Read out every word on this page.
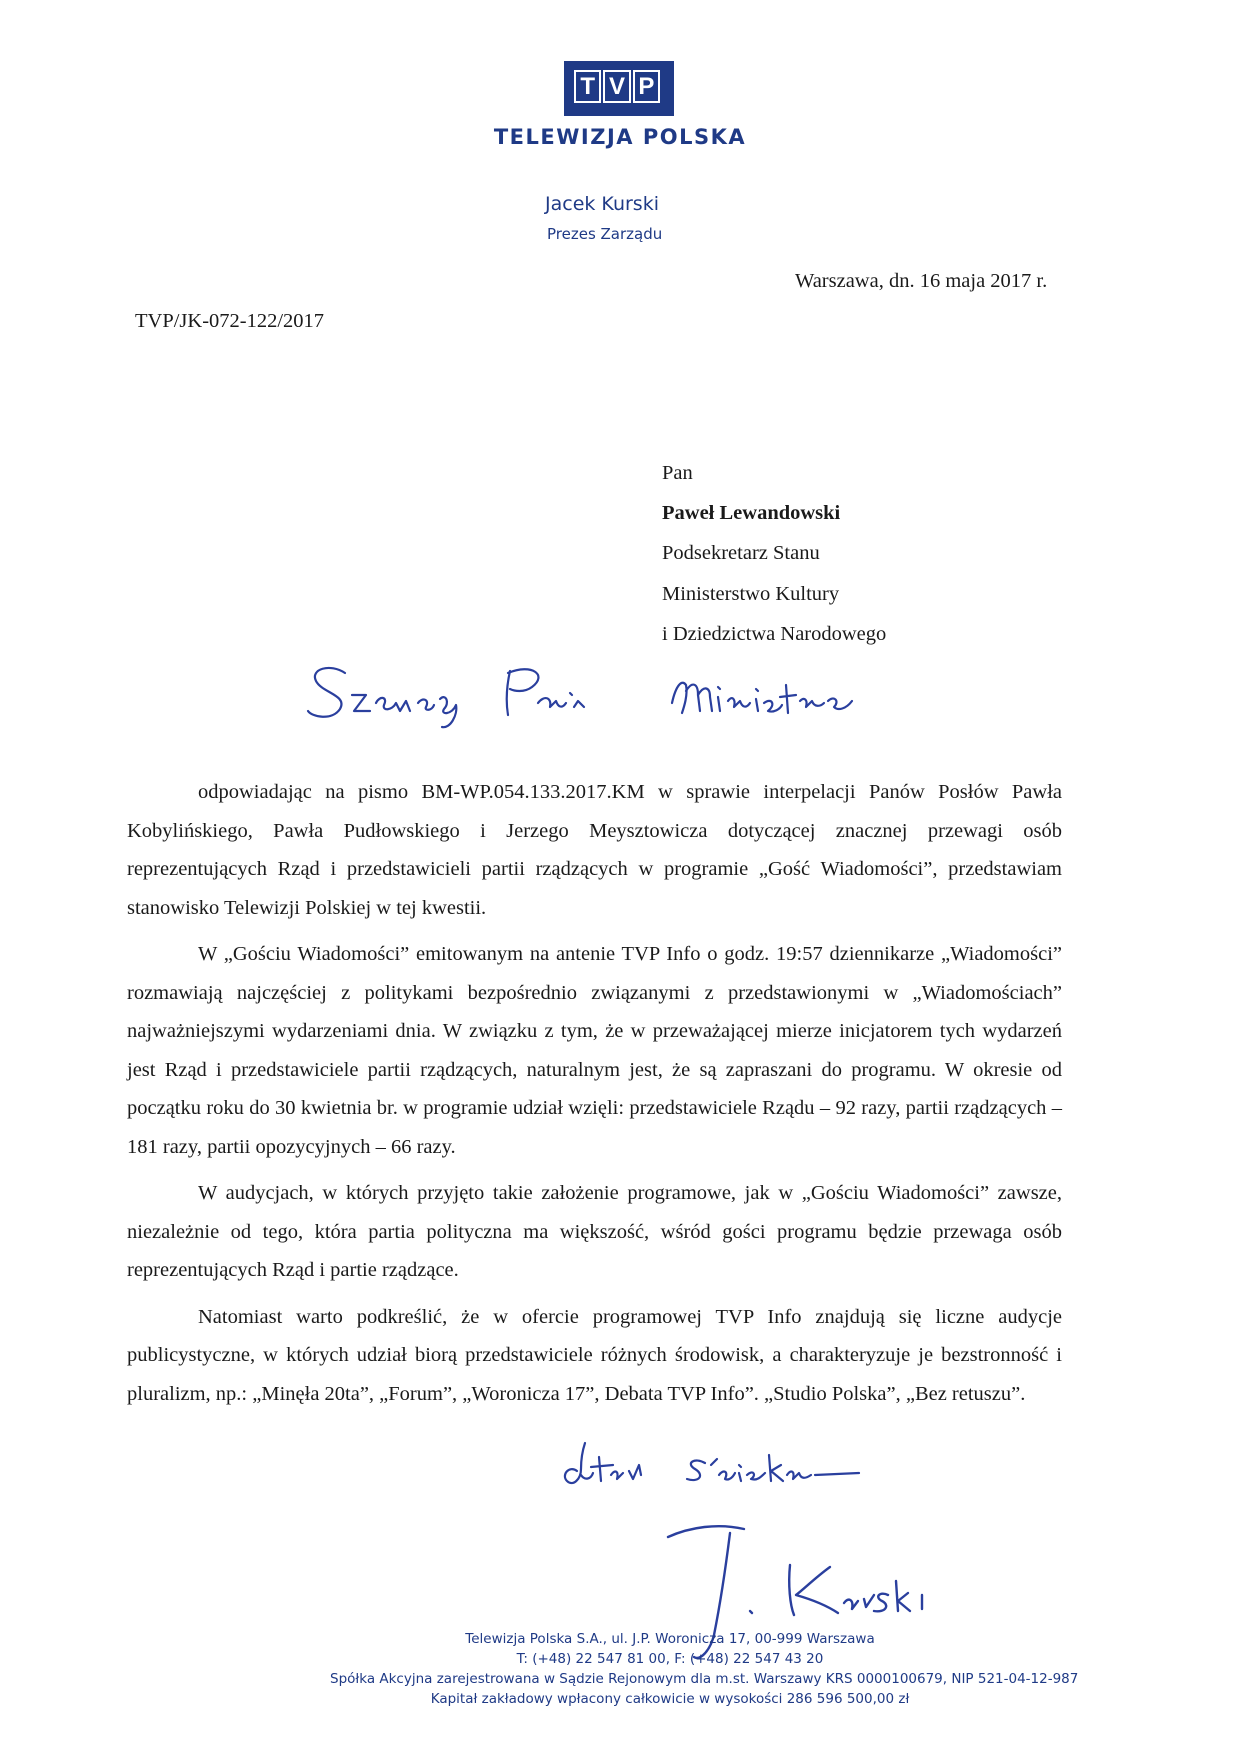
T V P
TELEWIZJA POLSKA
Jacek Kurski
Prezes Zarządu
Warszawa, dn. 16 maja 2017 r.
TVP/JK-072-122/2017
Pan
Paweł Lewandowski
Podsekretarz Stanu
Ministerstwo Kultury
i Dziedzictwa Narodowego

odpowiadając na pismo BM-WP.054.133.2017.KM w sprawie interpelacji Panów Posłów Pawła Kobylińskiego, Pawła Pudłowskiego i Jerzego Meysztowicza dotyczącej znacznej przewagi osób reprezentujących Rząd i przedstawicieli partii rządzących w programie „Gość Wiadomości”, przedstawiam stanowisko Telewizji Polskiej w tej kwestii.

W „Gościu Wiadomości” emitowanym na antenie TVP Info o godz. 19:57 dziennikarze „Wiadomości” rozmawiają najczęściej z politykami bezpośrednio związanymi z przedstawionymi w „Wiadomościach” najważniejszymi wydarzeniami dnia. W związku z tym, że w przeważającej mierze inicjatorem tych wydarzeń jest Rząd i przedstawiciele partii rządzących, naturalnym jest, że są zapraszani do programu. W okresie od początku roku do 30 kwietnia br. w programie udział wzięli: przedstawiciele Rządu – 92 razy, partii rządzących – 181 razy, partii opozycyjnych – 66 razy.

W audycjach, w których przyjęto takie założenie programowe, jak w „Gościu Wiadomości” zawsze, niezależnie od tego, która partia polityczna ma większość, wśród gości programu będzie przewaga osób reprezentujących Rząd i partie rządzące.

Natomiast warto podkreślić, że w ofercie programowej TVP Info znajdują się liczne audycje publicystyczne, w których udział biorą przedstawiciele różnych środowisk, a charakteryzuje je bezstronność i pluralizm, np.: „Minęła 20ta”, „Forum”, „Woronicza 17”, Debata TVP Info”. „Studio Polska”, „Bez retuszu”.

Telewizja Polska S.A., ul. J.P. Woronicza 17, 00-999 Warszawa
T: (+48) 22 547 81 00, F: (+48) 22 547 43 20
Spółka Akcyjna zarejestrowana w Sądzie Rejonowym dla m.st. Warszawy KRS 0000100679, NIP 521-04-12-987
Kapitał zakładowy wpłacony całkowicie w wysokości 286 596 500,00 zł
